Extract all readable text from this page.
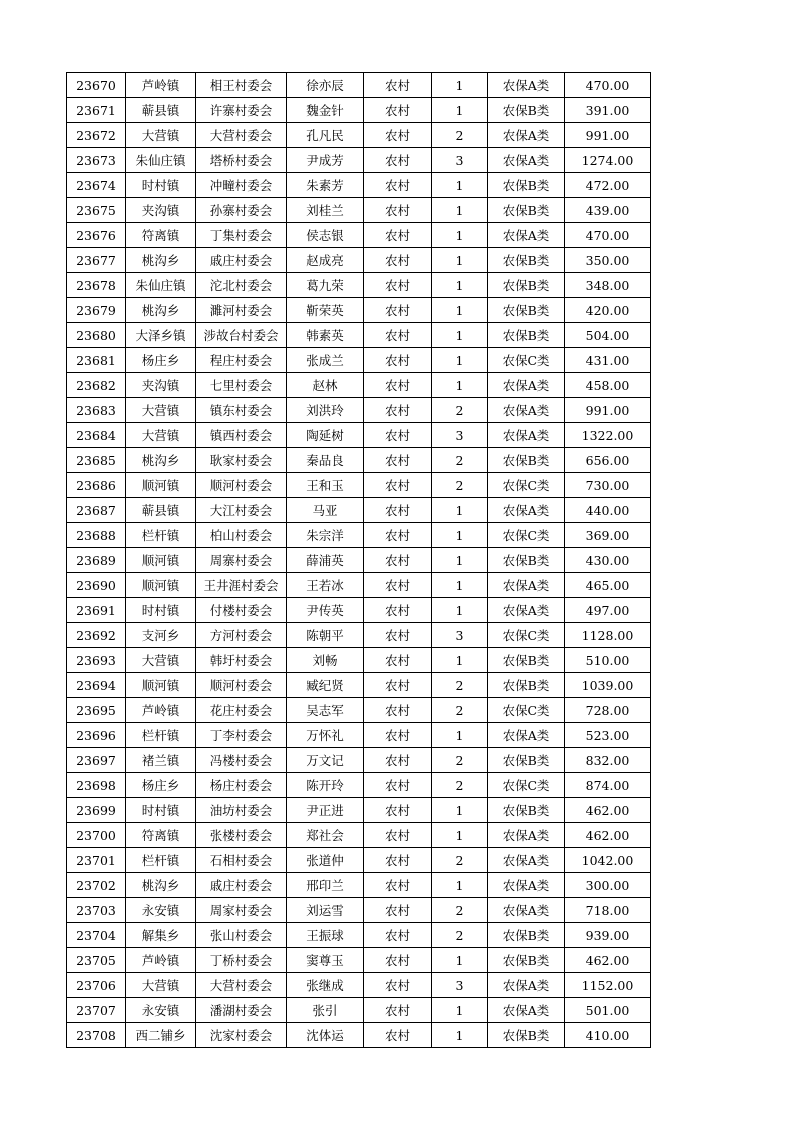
23670	芦岭镇	相王村委会	徐亦辰	农村	1	农保A类	470.00
23671	蕲县镇	许寨村委会	魏金针	农村	1	农保B类	391.00
23672	大营镇	大营村委会	孔凡民	农村	2	农保A类	991.00
23673	朱仙庄镇	塔桥村委会	尹成芳	农村	3	农保A类	1274.00
23674	时村镇	冲疃村委会	朱素芳	农村	1	农保B类	472.00
23675	夹沟镇	孙寨村委会	刘桂兰	农村	1	农保B类	439.00
23676	符离镇	丁集村委会	侯志银	农村	1	农保A类	470.00
23677	桃沟乡	戚庄村委会	赵成亮	农村	1	农保B类	350.00
23678	朱仙庄镇	沱北村委会	葛九荣	农村	1	农保B类	348.00
23679	桃沟乡	濉河村委会	靳荣英	农村	1	农保B类	420.00
23680	大泽乡镇	涉故台村委会	韩素英	农村	1	农保B类	504.00
23681	杨庄乡	程庄村委会	张成兰	农村	1	农保C类	431.00
23682	夹沟镇	七里村委会	赵林	农村	1	农保A类	458.00
23683	大营镇	镇东村委会	刘洪玲	农村	2	农保A类	991.00
23684	大营镇	镇西村委会	陶延树	农村	3	农保A类	1322.00
23685	桃沟乡	耿家村委会	秦品良	农村	2	农保B类	656.00
23686	顺河镇	顺河村委会	王和玉	农村	2	农保C类	730.00
23687	蕲县镇	大江村委会	马亚	农村	1	农保A类	440.00
23688	栏杆镇	柏山村委会	朱宗洋	农村	1	农保C类	369.00
23689	顺河镇	周寨村委会	薛浦英	农村	1	农保B类	430.00
23690	顺河镇	王井涯村委会	王若冰	农村	1	农保A类	465.00
23691	时村镇	付楼村委会	尹传英	农村	1	农保A类	497.00
23692	支河乡	方河村委会	陈朝平	农村	3	农保C类	1128.00
23693	大营镇	韩圩村委会	刘畅	农村	1	农保B类	510.00
23694	顺河镇	顺河村委会	臧纪贤	农村	2	农保B类	1039.00
23695	芦岭镇	花庄村委会	吴志军	农村	2	农保C类	728.00
23696	栏杆镇	丁李村委会	万怀礼	农村	1	农保A类	523.00
23697	褚兰镇	冯楼村委会	万文记	农村	2	农保B类	832.00
23698	杨庄乡	杨庄村委会	陈开玲	农村	2	农保C类	874.00
23699	时村镇	油坊村委会	尹正进	农村	1	农保B类	462.00
23700	符离镇	张楼村委会	郑社会	农村	1	农保A类	462.00
23701	栏杆镇	石相村委会	张道仲	农村	2	农保A类	1042.00
23702	桃沟乡	戚庄村委会	邢印兰	农村	1	农保A类	300.00
23703	永安镇	周家村委会	刘运雪	农村	2	农保A类	718.00
23704	解集乡	张山村委会	王振球	农村	2	农保B类	939.00
23705	芦岭镇	丁桥村委会	窦尊玉	农村	1	农保B类	462.00
23706	大营镇	大营村委会	张继成	农村	3	农保A类	1152.00
23707	永安镇	潘湖村委会	张引	农村	1	农保A类	501.00
23708	西二铺乡	沈家村委会	沈体运	农村	1	农保B类	410.00
